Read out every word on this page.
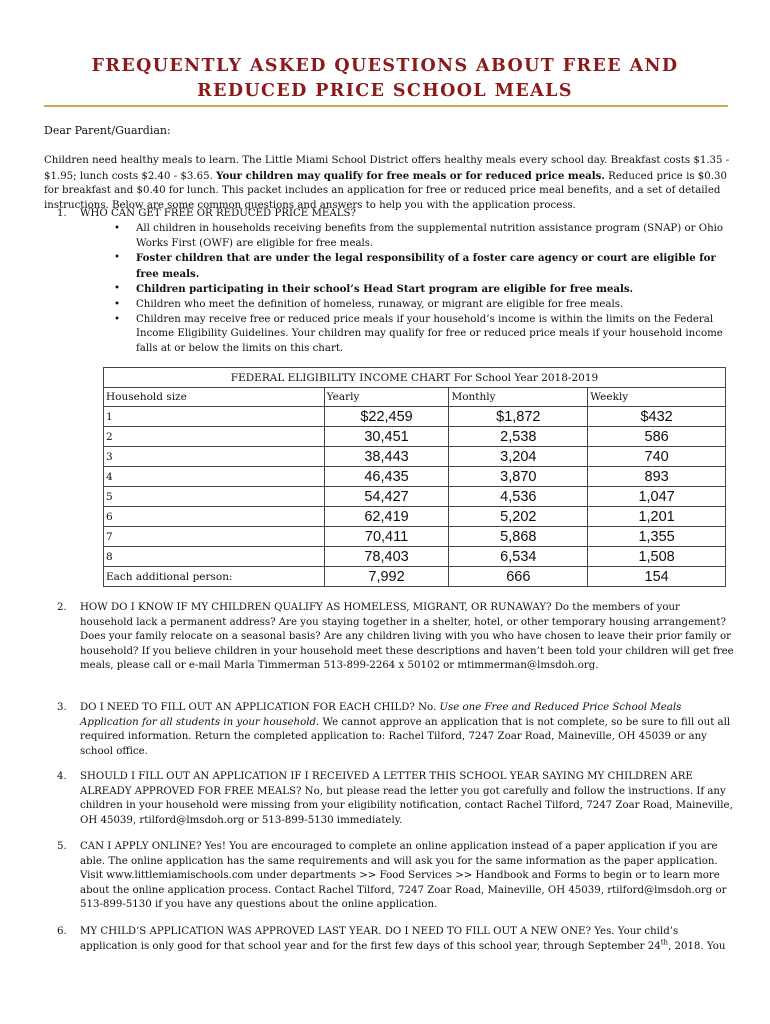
FREQUENTLY ASKED QUESTIONS ABOUT FREE AND
REDUCED PRICE SCHOOL MEALS
Dear Parent/Guardian:
Children need healthy meals to learn. The Little Miami School District offers healthy meals every school day. Breakfast costs $1.35 - $1.95; lunch costs $2.40 - $3.65. Your children may qualify for free meals or for reduced price meals. Reduced price is $0.30 for breakfast and $0.40 for lunch. This packet includes an application for free or reduced price meal benefits, and a set of detailed instructions. Below are some common questions and answers to help you with the application process.
1. WHO CAN GET FREE OR REDUCED PRICE MEALS?
• All children in households receiving benefits from the supplemental nutrition assistance program (SNAP) or Ohio Works First (OWF) are eligible for free meals.
• Foster children that are under the legal responsibility of a foster care agency or court are eligible for free meals.
• Children participating in their school’s Head Start program are eligible for free meals.
• Children who meet the definition of homeless, runaway, or migrant are eligible for free meals.
• Children may receive free or reduced price meals if your household’s income is within the limits on the Federal Income Eligibility Guidelines. Your children may qualify for free or reduced price meals if your household income falls at or below the limits on this chart.
FEDERAL ELIGIBILITY INCOME CHART For School Year 2018-2019			
Household size	Yearly	Monthly	Weekly
1	$22,459	$1,872	$432
2	30,451	2,538	586
3	38,443	3,204	740
4	46,435	3,870	893
5	54,427	4,536	1,047
6	62,419	5,202	1,201
7	70,411	5,868	1,355
8	78,403	6,534	1,508
Each additional person:	7,992	666	154
2. HOW DO I KNOW IF MY CHILDREN QUALIFY AS HOMELESS, MIGRANT, OR RUNAWAY? Do the members of your household lack a permanent address? Are you staying together in a shelter, hotel, or other temporary housing arrangement? Does your family relocate on a seasonal basis? Are any children living with you who have chosen to leave their prior family or household? If you believe children in your household meet these descriptions and haven’t been told your children will get free meals, please call or e-mail Marla Timmerman 513-899-2264 x 50102 or mtimmerman@lmsdoh.org.
3. DO I NEED TO FILL OUT AN APPLICATION FOR EACH CHILD? No. Use one Free and Reduced Price School Meals Application for all students in your household. We cannot approve an application that is not complete, so be sure to fill out all required information. Return the completed application to: Rachel Tilford, 7247 Zoar Road, Maineville, OH 45039 or any school office.
4. SHOULD I FILL OUT AN APPLICATION IF I RECEIVED A LETTER THIS SCHOOL YEAR SAYING MY CHILDREN ARE ALREADY APPROVED FOR FREE MEALS? No, but please read the letter you got carefully and follow the instructions. If any children in your household were missing from your eligibility notification, contact Rachel Tilford, 7247 Zoar Road, Maineville, OH 45039, rtilford@lmsdoh.org or 513-899-5130 immediately.
5. CAN I APPLY ONLINE? Yes! You are encouraged to complete an online application instead of a paper application if you are able. The online application has the same requirements and will ask you for the same information as the paper application. Visit www.littlemiamischools.com under departments >> Food Services >> Handbook and Forms to begin or to learn more about the online application process. Contact Rachel Tilford, 7247 Zoar Road, Maineville, OH 45039, rtilford@lmsdoh.org or 513-899-5130 if you have any questions about the online application.
6. MY CHILD’S APPLICATION WAS APPROVED LAST YEAR. DO I NEED TO FILL OUT A NEW ONE? Yes. Your child’s application is only good for that school year and for the first few days of this school year, through September 24th, 2018. You
